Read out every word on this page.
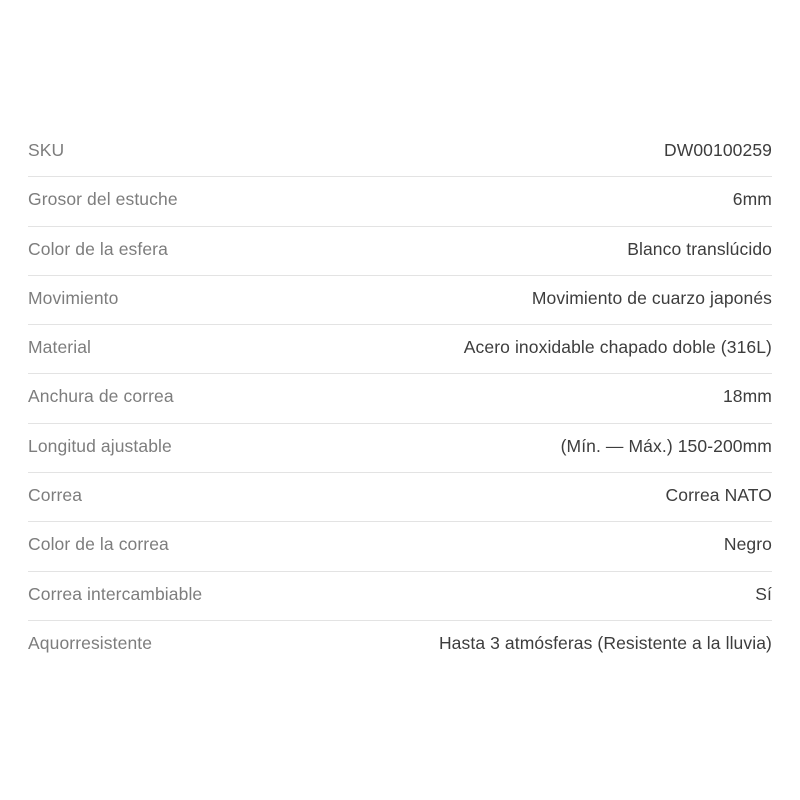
SKU	DW00100259
Grosor del estuche	6mm
Color de la esfera	Blanco translúcido
Movimiento	Movimiento de cuarzo japonés
Material	Acero inoxidable chapado doble (316L)
Anchura de correa	18mm
Longitud ajustable	(Mín. — Máx.) 150-200mm
Correa	Correa NATO
Color de la correa	Negro
Correa intercambiable	Sí
Aquorresistente	Hasta 3 atmósferas (Resistente a la lluvia)
